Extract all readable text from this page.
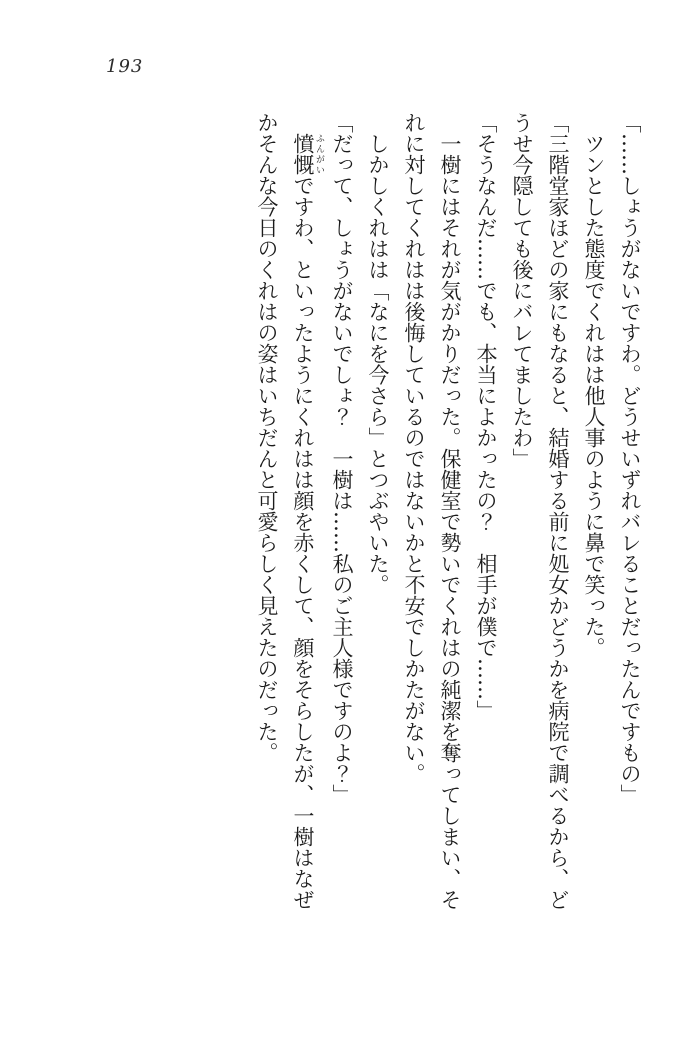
193

「……しょうがないですわ。どうせいずれバレることだったんですもの」

　ツンとした態度でくれはは他人事のように鼻で笑った。

「三階堂家ほどの家にもなると、結婚する前に処女かどうかを病院で調べるから、どうせ今隠しても後にバレてましたわ」

「そうなんだ……でも、本当によかったの？　相手が僕で……」

　一樹にはそれが気がかりだった。保健室で勢いでくれはの純潔を奪ってしまい、それに対してくれはは後悔しているのではないかと不安でしかたがない。

　しかしくれはは「なにを今さら」とつぶやいた。

「だって、しょうがないでしょ？　一樹は……私のご主人様ですのよ？」

　憤慨 ふんがいですわ、といったようにくれはは顔を赤くして、顔をそらしたが、一樹はなぜかそんな今日のくれはの姿はいちだんと可愛らしく見えたのだった。
